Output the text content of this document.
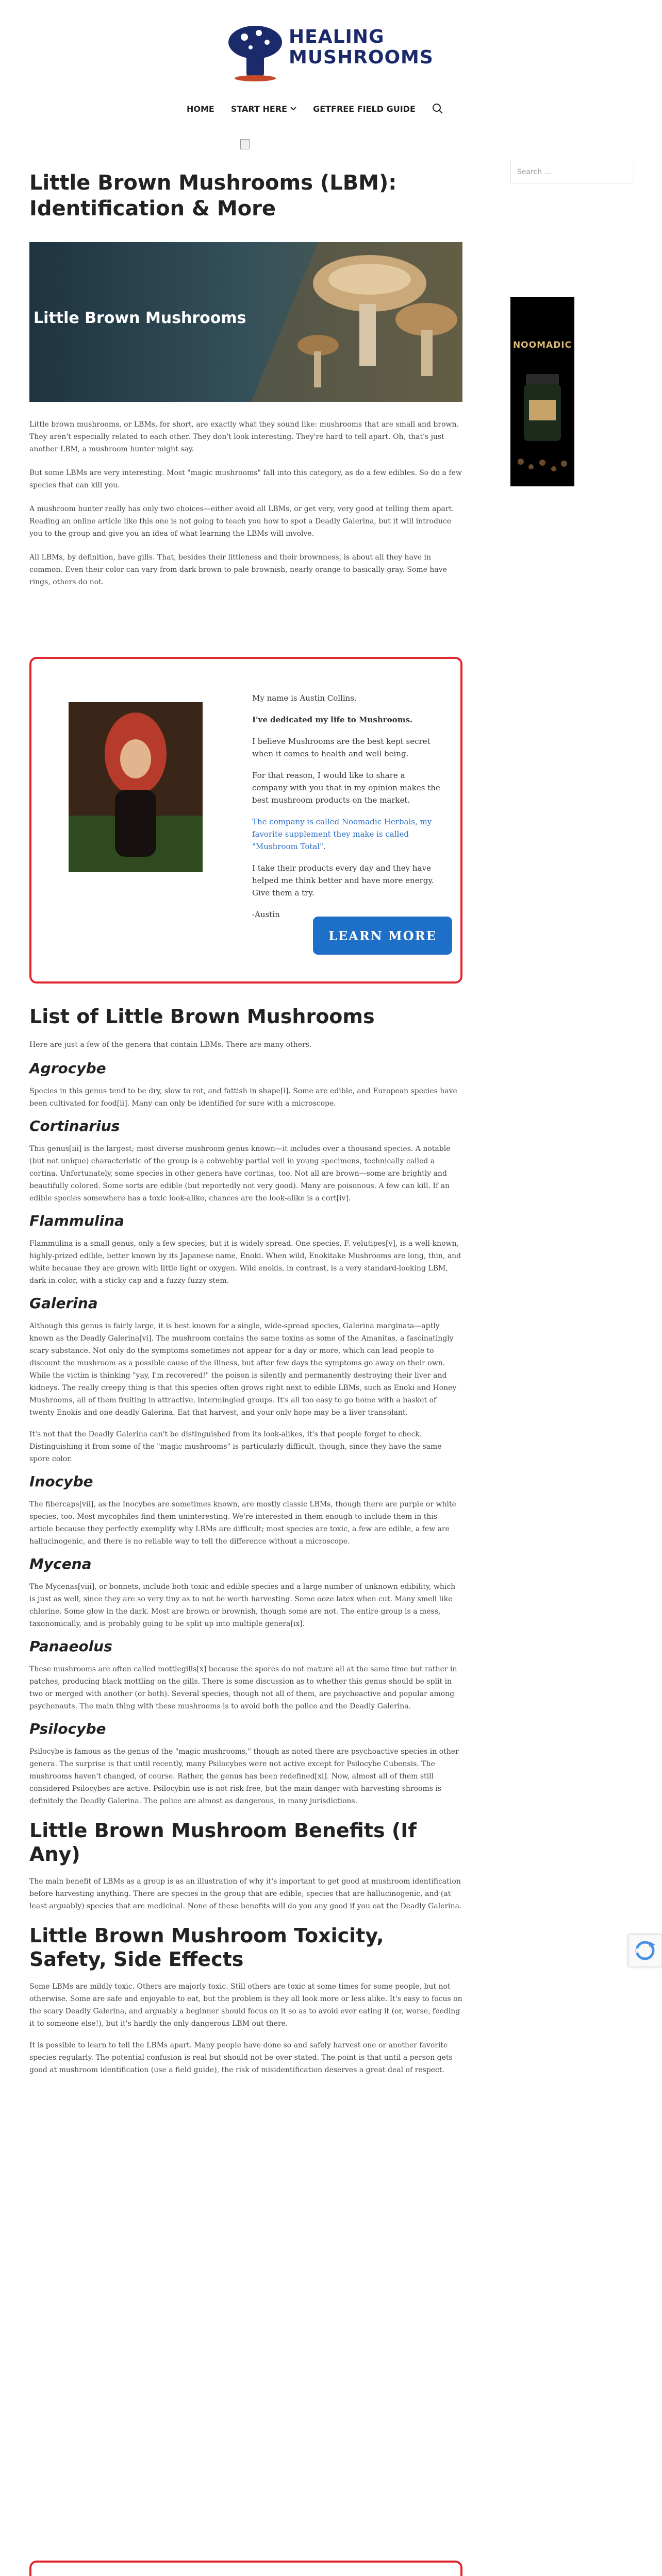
HEALING
MUSHROOMS
HOME START HERE	GETFREE FIELD GUIDE
Little Brown Mushrooms (LBM): Identification & More
Little Brown Mushrooms

Little brown mushrooms, or LBMs, for short, are exactly what they sound like: mushrooms that are small and brown. They aren't especially related to each other. They don't look interesting. They're hard to tell apart. Oh, that's just another LBM, a mushroom hunter might say.

But some LBMs are very interesting. Most "magic mushrooms" fall into this category, as do a few edibles. So do a few species that can kill you.

A mushroom hunter really has only two choices—either avoid all LBMs, or get very, very good at telling them apart. Reading an online article like this one is not going to teach you how to spot a Deadly Galerina, but it will introduce you to the group and give you an idea of what learning the LBMs will involve.

All LBMs, by definition, have gills. That, besides their littleness and their brownness, is about all they have in common. Even their color can vary from dark brown to pale brownish, nearly orange to basically gray. Some have rings, others do not.

My name is Austin Collins.

I've dedicated my life to Mushrooms.

I believe Mushrooms are the best kept secret when it comes to health and well being.

For that reason, I would like to share a company with you that in my opinion makes the best mushroom products on the market.

The company is called Noomadic Herbals, my favorite supplement they make is called "Mushroom Total".

I take their products every day and they have helped me think better and have more energy. Give them a try.

-Austin

LEARN MORE
List of Little Brown Mushrooms

Here are just a few of the genera that contain LBMs. There are many others.

Agrocybe

Species in this genus tend to be dry, slow to rot, and fattish in shape[i]. Some are edible, and European species have been cultivated for food[ii]. Many can only be identified for sure with a microscope.

Cortinarius

This genus[iii] is the largest; most diverse mushroom genus known—it includes over a thousand species. A notable (but not unique) characteristic of the group is a cobwebby partial veil in young specimens, technically called a cortina. Unfortunately, some species in other genera have cortinas, too. Not all are brown—some are brightly and beautifully colored. Some sorts are edible (but reportedly not very good). Many are poisonous. A few can kill. If an edible species somewhere has a toxic look-alike, chances are the look-alike is a cort[iv].

Flammulina

Flammulina is a small genus, only a few species, but it is widely spread. One species, F. velutipes[v], is a well-known, highly-prized edible, better known by its Japanese name, Enoki. When wild, Enokitake Mushrooms are long, thin, and white because they are grown with little light or oxygen. Wild enokis, in contrast, is a very standard-looking LBM, dark in color, with a sticky cap and a fuzzy fuzzy stem.

Galerina

Although this genus is fairly large, it is best known for a single, wide-spread species, Galerina marginata—aptly known as the Deadly Galerina[vi]. The mushroom contains the same toxins as some of the Amanitas, a fascinatingly scary substance. Not only do the symptoms sometimes not appear for a day or more, which can lead people to discount the mushroom as a possible cause of the illness, but after few days the symptoms go away on their own. While the victim is thinking "yay, I'm recovered!" the poison is silently and permanently destroying their liver and kidneys. The really creepy thing is that this species often grows right next to edible LBMs, such as Enoki and Honey Mushrooms, all of them fruiting in attractive, intermingled groups. It's all too easy to go home with a basket of twenty Enokis and one deadly Galerina. Eat that harvest, and your only hope may be a liver transplant.

It's not that the Deadly Galerina can't be distinguished from its look-alikes, it's that people forget to check. Distinguishing it from some of the "magic mushrooms" is particularly difficult, though, since they have the same spore color.

Inocybe

The fibercaps[vii], as the Inocybes are sometimes known, are mostly classic LBMs, though there are purple or white species, too. Most mycophiles find them uninteresting. We're interested in them enough to include them in this article because they perfectly exemplify why LBMs are difficult; most species are toxic, a few are edible, a few are hallucinogenic, and there is no reliable way to tell the difference without a microscope.

Mycena

The Mycenas[viii], or bonnets, include both toxic and edible species and a large number of unknown edibility, which is just as well, since they are so very tiny as to not be worth harvesting. Some ooze latex when cut. Many smell like chlorine. Some glow in the dark. Most are brown or brownish, though some are not. The entire group is a mess, taxonomically, and is probably going to be split up into multiple genera[ix].

Panaeolus

These mushrooms are often called mottlegills[x] because the spores do not mature all at the same time but rather in patches, producing black mottling on the gills. There is some discussion as to whether this genus should be split in two or merged with another (or both). Several species, though not all of them, are psychoactive and popular among psychonauts. The main thing with these mushrooms is to avoid both the police and the Deadly Galerina.

Psilocybe

Psilocybe is famous as the genus of the "magic mushrooms," though as noted there are psychoactive species in other genera. The surprise is that until recently, many Psilocybes were not active except for Psilocybe Cubensis. The mushrooms haven't changed, of course. Rather, the genus has been redefined[xi]. Now, almost all of them still considered Psilocybes are active. Psilocybin use is not risk-free, but the main danger with harvesting shrooms is definitely the Deadly Galerina. The police are almost as dangerous, in many jurisdictions.

Little Brown Mushroom Benefits (If Any)

The main benefit of LBMs as a group is as an illustration of why it's important to get good at mushroom identification before harvesting anything. There are species in the group that are edible, species that are hallucinogenic, and (at least arguably) species that are medicinal. None of these benefits will do you any good if you eat the Deadly Galerina.

Little Brown Mushroom Toxicity, Safety, Side Effects

Some LBMs are mildly toxic. Others are majorly toxic. Still others are toxic at some times for some people, but not otherwise. Some are safe and enjoyable to eat, but the problem is they all look more or less alike. It's easy to focus on the scary Deadly Galerina, and arguably a beginner should focus on it so as to avoid ever eating it (or, worse, feeding it to someone else!), but it's hardly the only dangerous LBM out there.

It is possible to learn to tell the LBMs apart. Many people have done so and safely harvest one or another favorite species regularly. The potential confusion is real but should not be over-stated. The point is that until a person gets good at mushroom identification (use a field guide), the risk of misidentification deserves a great deal of respect.

Search ...
NOOMADIC
